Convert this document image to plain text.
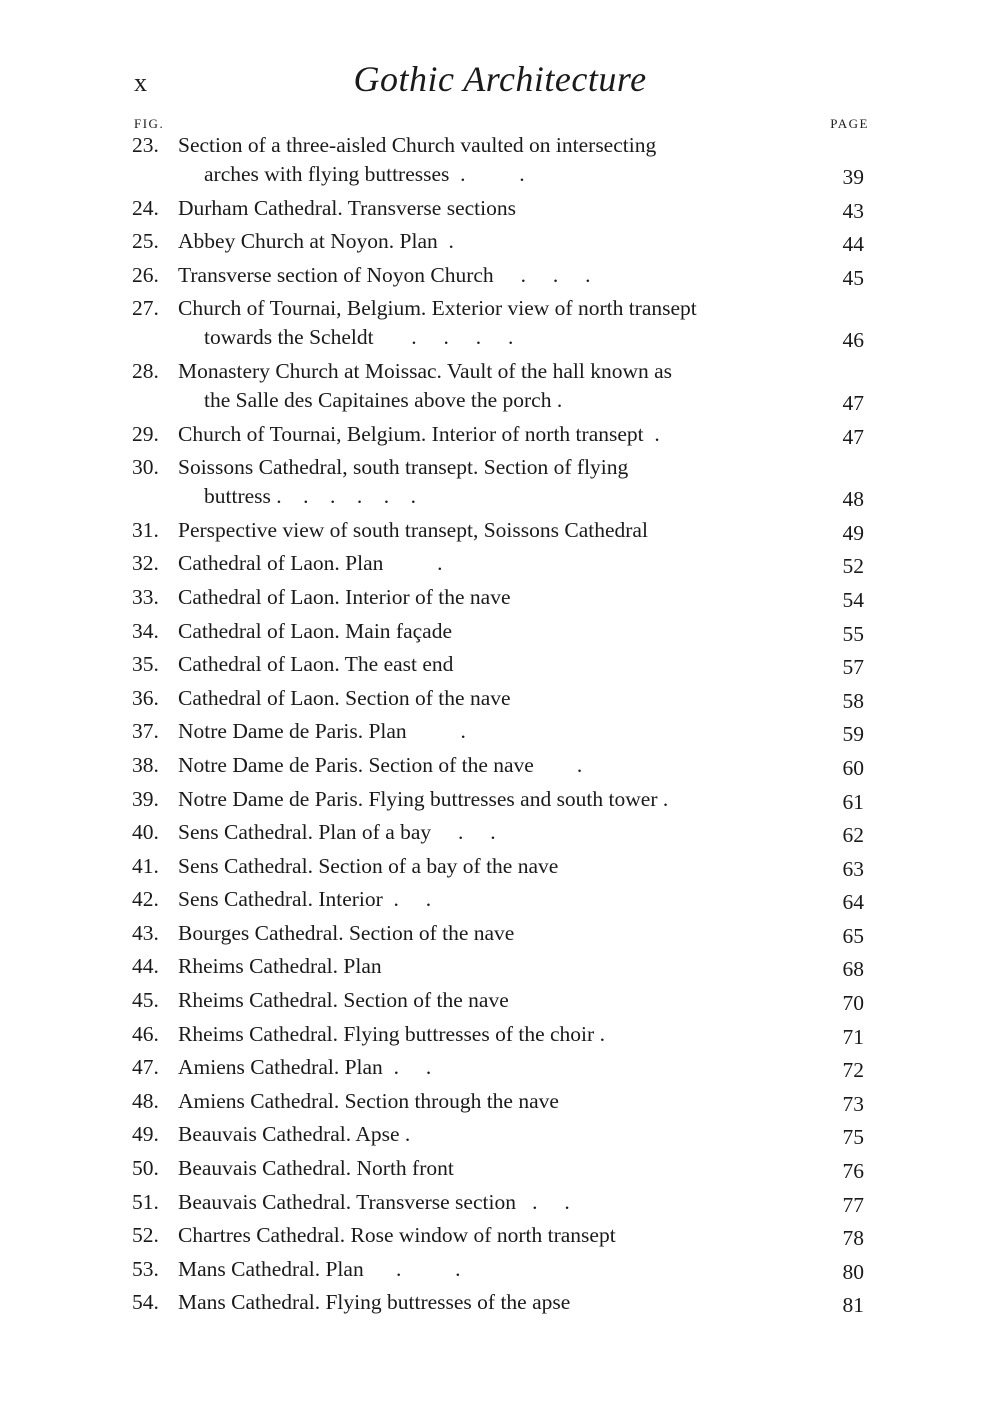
x	Gothic Architecture
FIG.	PAGE
23. Section of a three-aisled Church vaulted on intersecting
arches with flying buttresses  .          .	39
24. Durham Cathedral. Transverse sections	43
25. Abbey Church at Noyon. Plan  .	44
26. Transverse section of Noyon Church     .     .     .	45
27. Church of Tournai, Belgium. Exterior view of north transept
towards the Scheldt       .     .     .     .	46
28. Monastery Church at Moissac. Vault of the hall known as
the Salle des Capitaines above the porch .	47
29. Church of Tournai, Belgium. Interior of north transept  .	47
30. Soissons Cathedral, south transept. Section of flying
buttress .    .    .    .    .    .	48
31. Perspective view of south transept, Soissons Cathedral	49
32. Cathedral of Laon. Plan          .	52
33. Cathedral of Laon. Interior of the nave	54
34. Cathedral of Laon. Main façade	55
35. Cathedral of Laon. The east end	57
36. Cathedral of Laon. Section of the nave	58
37. Notre Dame de Paris. Plan          .	59
38. Notre Dame de Paris. Section of the nave        .	60
39. Notre Dame de Paris. Flying buttresses and south tower .	61
40. Sens Cathedral. Plan of a bay     .     .	62
41. Sens Cathedral. Section of a bay of the nave	63
42. Sens Cathedral. Interior  .     .	64
43. Bourges Cathedral. Section of the nave	65
44. Rheims Cathedral. Plan	68
45. Rheims Cathedral. Section of the nave	70
46. Rheims Cathedral. Flying buttresses of the choir .	71
47. Amiens Cathedral. Plan  .     .	72
48. Amiens Cathedral. Section through the nave	73
49. Beauvais Cathedral. Apse .	75
50. Beauvais Cathedral. North front	76
51. Beauvais Cathedral. Transverse section   .     .	77
52. Chartres Cathedral. Rose window of north transept	78
53. Mans Cathedral. Plan      .          .	80
54. Mans Cathedral. Flying buttresses of the apse	81
